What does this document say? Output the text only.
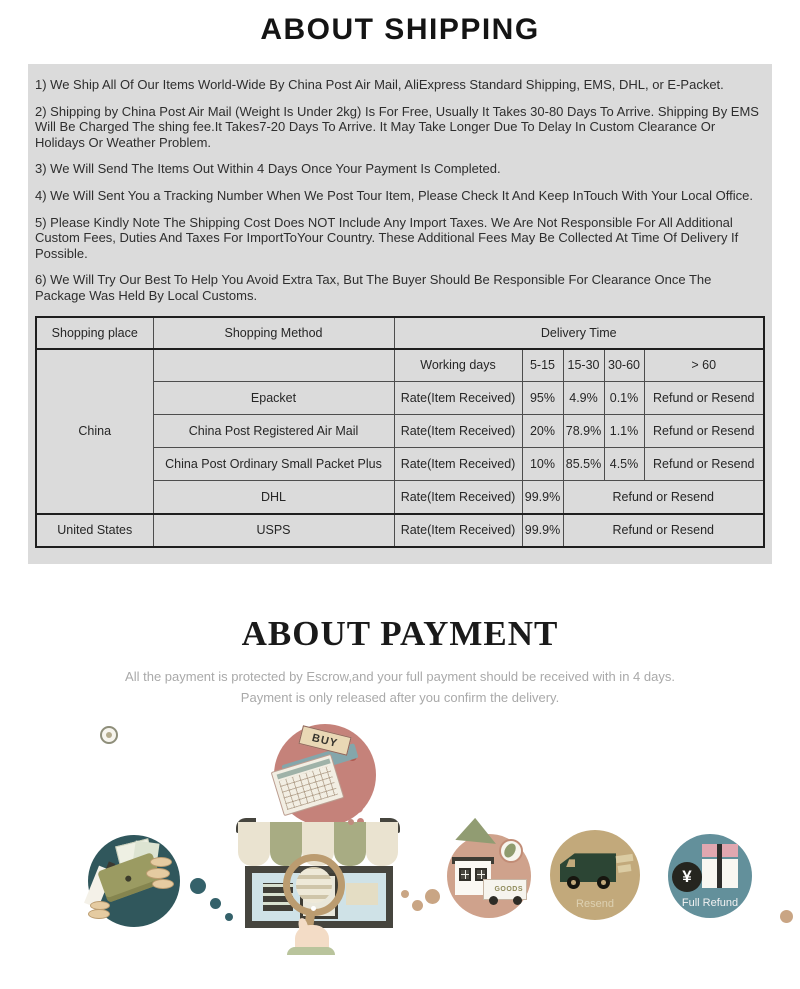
ABOUT SHIPPING

1) We Ship All Of Our Items World-Wide By China Post Air Mail, AliExpress Standard Shipping, EMS, DHL, or E-Packet.

2) Shipping by China Post Air Mail (Weight Is Under 2kg) Is For Free, Usually It Takes 30-80 Days To Arrive. Shipping By EMS Will Be Charged The shing fee.It Takes7-20 Days To Arrive. It May Take Longer Due To Delay In Custom Clearance Or Holidays Or Weather Problem.

3) We Will Send The Items Out Within 4 Days Once Your Payment Is Completed.

4) We Will Sent You a Tracking Number When We Post Tour Item, Please Check It And Keep InTouch With Your Local Office.

5) Please Kindly Note The Shipping Cost Does NOT Include Any Import Taxes. We Are Not Responsible For All Additional Custom Fees, Duties And Taxes For ImportToYour Country. These Additional Fees May Be Collected At Time Of Delivery If Possible.

6) We Will Try Our Best To Help You Avoid Extra Tax, But The Buyer Should Be Responsible For Clearance Once The Package Was Held By Local Customs.

Shopping place	Shopping Method	Delivery Time				
China		Working days	5-15	15-30	30-60	> 60
	Epacket	Rate(Item Received)	95%	4.9%	0.1%	Refund or Resend
	China Post Registered Air Mail	Rate(Item Received)	20%	78.9%	1.1%	Refund or Resend
	China Post Ordinary Small Packet Plus	Rate(Item Received)	10%	85.5%	4.5%	Refund or Resend
	DHL	Rate(Item Received)	99.9%	Refund or Resend		
United States	USPS	Rate(Item Received)	99.9%	Refund or Resend		
ABOUT PAYMENT
All the payment is protected by Escrow,and your full payment should be received with in 4 days.
Payment is only released after you confirm the delivery.
BUY
GOODS
Resend
¥
Full Refund
